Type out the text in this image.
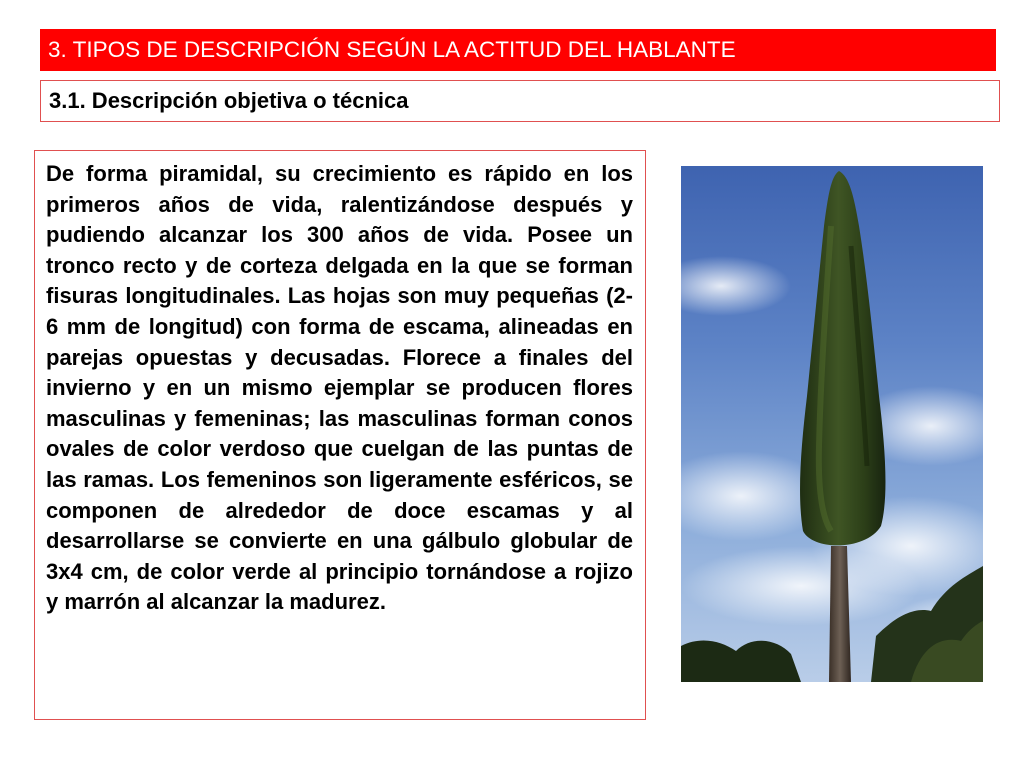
3. TIPOS DE DESCRIPCIÓN SEGÚN LA ACTITUD DEL HABLANTE
3.1. Descripción objetiva o técnica

De forma piramidal, su crecimiento es rápido en los primeros años de vida, ralentizándose después y pudiendo alcanzar los 300 años de vida. Posee un tronco recto y de corteza delgada en la que se forman fisuras longitudinales. Las hojas son muy pequeñas (2-6 mm de longitud) con forma de escama, alineadas en parejas opuestas y decusadas. Florece a finales del invierno y en un mismo ejemplar se producen flores masculinas y femeninas; las masculinas forman conos ovales de color verdoso que cuelgan de las puntas de las ramas. Los femeninos son ligeramente esféricos, se componen de alrededor de doce escamas y al desarrollarse se convierte en una gálbulo globular de 3x4 cm, de color verde al principio tornándose a rojizo y marrón al alcanzar la madurez.
